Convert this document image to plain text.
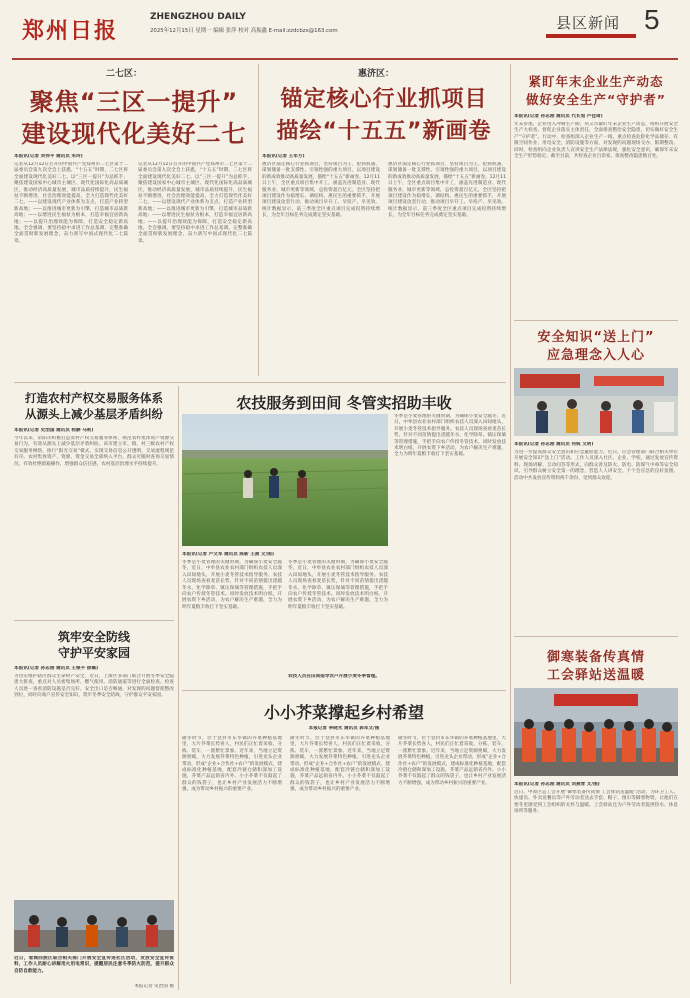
郑州日报
ZHENGZHOU DAILY
2025年12月15日 星期一 编辑 张萍 校对 高振鑫 E-mail:zzdcbzx@163.com	县区新闻 5
二七区：
聚焦“三区一提升”
建设现代化美好二七
本报讯(记者 刘伟平 通讯员 朱玲)
记者从12月12日召开的中国共产党郑州市二七区第十二届委员会第九次全会上获悉，“十五五”时期，二七区将全面建设现代化美好二七。以“三区一提升”为总抓手，聚焦建设国家中心城市主城区、现代化国际化高品质城区，推动经济高质量发展，城市品质持续提升，民生福祉不断增进，社会治理效能提高，全力打造现代化美好二七。——以建设现代产业体系为支点，打造产业转型新高地；——以推进城市更新为引擎，打造城市品质新高地；——以增进民生福祉为根本，打造幸福宜居新高地；——以提升治理效能为保障，打造安全稳定新高地。全会强调，要坚持稳中求进工作总基调，完整准确全面贯彻新发展理念，奋力谱写中国式现代化二七篇章。
记者从12月12日召开的中国共产党郑州市二七区第十二届委员会第九次全会上获悉，“十五五”时期，二七区将全面建设现代化美好二七。以“三区一提升”为总抓手，聚焦建设国家中心城市主城区、现代化国际化高品质城区，推动经济高质量发展，城市品质持续提升，民生福祉不断增进，社会治理效能提高，全力打造现代化美好二七。——以建设现代产业体系为支点，打造产业转型新高地；——以推进城市更新为引擎，打造城市品质新高地；——以增进民生福祉为根本，打造幸福宜居新高地；——以提升治理效能为保障，打造安全稳定新高地。全会强调，要坚持稳中求进工作总基调，完整准确全面贯彻新发展理念，奋力谱写中国式现代化二七篇章。
惠济区：
锚定核心行业抓项目
描绘“十五五”新画卷
本报讯(记者 王军方)
惠济区锚定核心行业抓项目，坚持项目为王，抢抓机遇，谋划储备一批支撑性、引领性强的重大项目，以项目建设的新成效推动高质量发展，描绘“十五五”新画卷。12月11日上午，全区重点项目集中开工，涵盖先进制造业、现代服务业、城市更新等领域，总投资超百亿元。全区坚持把项目建设作为稳增长、调结构、惠民生的重要抓手，开展项目建设攻坚行动，推动项目早开工、早投产、早见效。统计数据显示，前三季度全区重点项目完成投资持续增长，为全年目标任务完成奠定坚实基础。
惠济区锚定核心行业抓项目，坚持项目为王，抢抓机遇，谋划储备一批支撑性、引领性强的重大项目，以项目建设的新成效推动高质量发展，描绘“十五五”新画卷。12月11日上午，全区重点项目集中开工，涵盖先进制造业、现代服务业、城市更新等领域，总投资超百亿元。全区坚持把项目建设作为稳增长、调结构、惠民生的重要抓手，开展项目建设攻坚行动，推动项目早开工、早投产、早见效。统计数据显示，前三季度全区重点项目完成投资持续增长，为全年目标任务完成奠定坚实基础。
紧盯年末企业生产动态
做好安全生产“守护者”
本报讯(记者 孙志刚 通讯员 代长旭 卢佳琦)
年末岁尾，企业进入冲刺生产期，巩义市紧盯年末企业生产动态，组织开展安全生产大检查，督促企业落实主体责任，全面排查整治安全隐患，切实做好安全生产“守护者”。行动中，检查组深入企业生产一线，重点检查危险化学品储存、有限空间作业、用电安全、消防设施等方面，对发现的问题现场交办、限期整改。同时，检查组向企业负责人宣讲安全生产法律法规，强化安全意识，确保年末安全生产形势稳定。截至目前，共检查企业百余家，排查整改隐患数百处。
安全知识“送上门”
应急理念入人心
本报讯(记者 孙志刚 通讯员 何锐 文明)
为进一步提高群众安全意识和应急避险能力，近日，应急管理部门联合相关单位开展安全知识“送上门”活动。工作人员深入社区、企业、学校，通过发放宣传资料、现场讲解、互动问答等形式，向群众普及防火、防电、防煤气中毒等安全知识，引导群众树立安全第一的理念，营造人人讲安全、个个会应急的良好氛围。活动中共发放宣传资料两千余份，受到群众欢迎。
御寒装备传真情
工会驿站送温暖
本报讯(记者 孙志刚 通讯员 刘燕青 文/图)
近日，中原区总工会开展“御寒装备传真情 工会驿站送温暖”活动，为环卫工人、快递员、外卖送餐员等户外劳动者送去手套、帽子、围巾等御寒物资，让他们在寒冬里感受到工会组织的关怀与温暖。工会驿站还为户外劳动者提供热水、休息场所等服务。
打造农村产权交易服务体系
从源头上减少基层矛盾纠纷
本报讯(记者 史治国 通讯员 杨静 马莉)
今年以来，荥阳市积极打造农村产权交易服务体系，规范农村集体资产资源交易行为，有效从源头上减少基层矛盾纠纷。该市建立市、镇、村三级农村产权交易服务网络，推行“阳光交易”模式，实现交易信息公开透明、交易流程规范有序。农村集体资产、资源、资金交易全部纳入平台，群众可随时查询交易情况，有效杜绝暗箱操作，增强群众信任感，农村基层治理水平持续提升。
筑牢安全防线
守护平安家园
本报讯(记者 孙志刚 通讯员 王银平 徐璐)
为切实维护辖区群众生命财产安全，近日，上街区多部门联合开展冬季安全隐患大排查，重点对人员密集场所、燃气使用、消防通道等进行全面检查。检查人员逐一查看消防设施是否完好、安全出口是否畅通，对发现的问题督促整改到位，同时向商户宣传安全知识，筑牢冬季安全防线，守护群众平安家园。
近日，管城回族区联合相关部门开展安全宣传进社区活动，发放安全宣传资料，工作人员耐心讲解用火用电常识，提醒居民注意冬季防火防范，提升群众自防自救能力。
本报记者 史治国 摄
农技服务到田间 冬管实招助丰收
冬季是小麦管理的关键时期，为确保小麦安全越冬，近日，中牟县农业农村部门组织农技人员深入田间地头，开展小麦冬管技术指导服务。农技人员现场查看麦苗长势，针对不同苗情提出浇越冬水、化学除草、镇压保墒等管理措施，手把手向农户传授冬管技术。同时发放技术明白纸，开展农资下乡活动，为农户解决生产难题，全力为明年夏粮丰收打下坚实基础。
本报讯(记者 卢文军 通讯员 陈新 王燕 文/图)
冬季是小麦管理的关键时期，为确保小麦安全越冬，近日，中牟县农业农村部门组织农技人员深入田间地头，开展小麦冬管技术指导服务。农技人员现场查看麦苗长势，针对不同苗情提出浇越冬水、化学除草、镇压保墒等管理措施，手把手向农户传授冬管技术。同时发放技术明白纸，开展农资下乡活动，为农户解决生产难题，全力为明年夏粮丰收打下坚实基础。
冬季是小麦管理的关键时期，为确保小麦安全越冬，近日，中牟县农业农村部门组织农技人员深入田间地头，开展小麦冬管技术指导服务。农技人员现场查看麦苗长势，针对不同苗情提出浇越冬水、化学除草、镇压保墒等管理措施，手把手向农户传授冬管技术。同时发放技术明白纸，开展农资下乡活动，为农户解决生产难题，全力为明年夏粮丰收打下坚实基础。
农技人员在田间指导农户开展小麦冬季管理。
小小芥菜撑起乡村希望
本报记者 李晓光 通讯员 郭军文/图
隆冬时节，位于登封市东华镇的芥菜种植基地里，大片芥菜长势喜人，村民们正忙着采收、分拣、装车，一派繁忙景象。近年来，当地立足资源禀赋，大力发展芥菜特色种植，引进龙头企业带动，形成“企业+合作社+农户”的发展模式，建成标准化种植基地，配套冷链仓储和深加工设施，芥菜产品远销省内外。小小芥菜不仅鼓起了群众的钱袋子，也让乡村产业发展活力不断增强，成为带动乡村振兴的重要产业。
隆冬时节，位于登封市东华镇的芥菜种植基地里，大片芥菜长势喜人，村民们正忙着采收、分拣、装车，一派繁忙景象。近年来，当地立足资源禀赋，大力发展芥菜特色种植，引进龙头企业带动，形成“企业+合作社+农户”的发展模式，建成标准化种植基地，配套冷链仓储和深加工设施，芥菜产品远销省内外。小小芥菜不仅鼓起了群众的钱袋子，也让乡村产业发展活力不断增强，成为带动乡村振兴的重要产业。
隆冬时节，位于登封市东华镇的芥菜种植基地里，大片芥菜长势喜人，村民们正忙着采收、分拣、装车，一派繁忙景象。近年来，当地立足资源禀赋，大力发展芥菜特色种植，引进龙头企业带动，形成“企业+合作社+农户”的发展模式，建成标准化种植基地，配套冷链仓储和深加工设施，芥菜产品远销省内外。小小芥菜不仅鼓起了群众的钱袋子，也让乡村产业发展活力不断增强，成为带动乡村振兴的重要产业。
